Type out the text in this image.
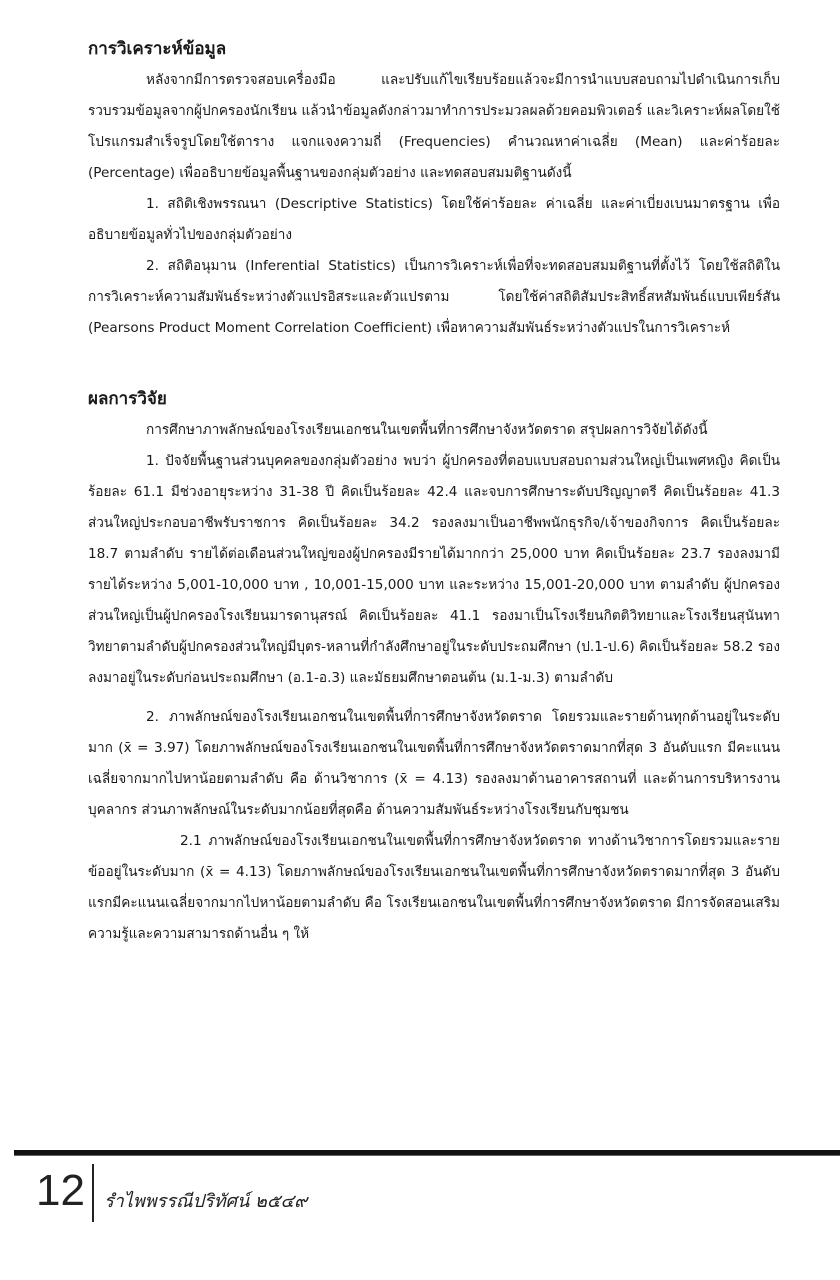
การวิเคราะห์ข้อมูล

หลังจากมีการตรวจสอบเครื่องมือ และปรับแก้ไขเรียบร้อยแล้วจะมีการนำแบบสอบถามไปดำเนินการเก็บรวบรวมข้อมูลจากผู้ปกครองนักเรียน แล้วนำข้อมูลดังกล่าวมาทำการประมวลผลด้วยคอมพิวเตอร์ และวิเคราะห์ผลโดยใช้โปรแกรมสำเร็จรูปโดยใช้ตาราง แจกแจงความถี่ (Frequencies) คำนวณหาค่าเฉลี่ย (Mean) และค่าร้อยละ (Percentage) เพื่ออธิบายข้อมูลพื้นฐานของกลุ่มตัวอย่าง และทดสอบสมมติฐานดังนี้

1. สถิติเชิงพรรณนา (Descriptive Statistics) โดยใช้ค่าร้อยละ ค่าเฉลี่ย และค่าเบี่ยงเบนมาตรฐาน เพื่ออธิบายข้อมูลทั่วไปของกลุ่มตัวอย่าง

2. สถิติอนุมาน (Inferential Statistics) เป็นการวิเคราะห์เพื่อที่จะทดสอบสมมติฐานที่ตั้งไว้ โดยใช้สถิติในการวิเคราะห์ความสัมพันธ์ระหว่างตัวแปรอิสระและตัวแปรตาม โดยใช้ค่าสถิติสัมประสิทธิ์สหสัมพันธ์แบบเพียร์สัน (Pearsons Product Moment Correlation Coefficient) เพื่อหาความสัมพันธ์ระหว่างตัวแปรในการวิเคราะห์

ผลการวิจัย

การศึกษาภาพลักษณ์ของโรงเรียนเอกชนในเขตพื้นที่การศึกษาจังหวัดตราด สรุปผลการวิจัยได้ดังนี้

1. ปัจจัยพื้นฐานส่วนบุคคลของกลุ่มตัวอย่าง พบว่า ผู้ปกครองที่ตอบแบบสอบถามส่วนใหญ่เป็นเพศหญิง คิดเป็นร้อยละ 61.1 มีช่วงอายุระหว่าง 31-38 ปี คิดเป็นร้อยละ 42.4 และจบการศึกษาระดับปริญญาตรี คิดเป็นร้อยละ 41.3 ส่วนใหญ่ประกอบอาชีพรับราชการ คิดเป็นร้อยละ 34.2 รองลงมาเป็นอาชีพพนักธุรกิจ/เจ้าของกิจการ คิดเป็นร้อยละ 18.7 ตามลำดับ รายได้ต่อเดือนส่วนใหญ่ของผู้ปกครองมีรายได้มากกว่า 25,000 บาท คิดเป็นร้อยละ 23.7 รองลงมามีรายได้ระหว่าง 5,001-10,000 บาท , 10,001-15,000 บาท และระหว่าง 15,001-20,000 บาท ตามลำดับ ผู้ปกครองส่วนใหญ่เป็นผู้ปกครองโรงเรียนมารดานุสรณ์ คิดเป็นร้อยละ 41.1 รองมาเป็นโรงเรียนกิตติวิทยาและโรงเรียนสุนันทาวิทยาตามลำดับผู้ปกครองส่วนใหญ่มีบุตร-หลานที่กำลังศึกษาอยู่ในระดับประถมศึกษา (ป.1-ป.6) คิดเป็นร้อยละ 58.2 รองลงมาอยู่ในระดับก่อนประถมศึกษา (อ.1-อ.3) และมัธยมศึกษาตอนต้น (ม.1-ม.3) ตามลำดับ

2. ภาพลักษณ์ของโรงเรียนเอกชนในเขตพื้นที่การศึกษาจังหวัดตราด โดยรวมและรายด้านทุกด้านอยู่ในระดับมาก (x̄ = 3.97) โดยภาพลักษณ์ของโรงเรียนเอกชนในเขตพื้นที่การศึกษาจังหวัดตราดมากที่สุด 3 อันดับแรก มีคะแนนเฉลี่ยจากมากไปหาน้อยตามลำดับ คือ ด้านวิชาการ (x̄ = 4.13) รองลงมาด้านอาคารสถานที่ และด้านการบริหารงานบุคลากร ส่วนภาพลักษณ์ในระดับมากน้อยที่สุดคือ ด้านความสัมพันธ์ระหว่างโรงเรียนกับชุมชน

2.1 ภาพลักษณ์ของโรงเรียนเอกชนในเขตพื้นที่การศึกษาจังหวัดตราด ทางด้านวิชาการโดยรวมและรายข้ออยู่ในระดับมาก (x̄ = 4.13) โดยภาพลักษณ์ของโรงเรียนเอกชนในเขตพื้นที่การศึกษาจังหวัดตราดมากที่สุด 3 อันดับแรกมีคะแนนเฉลี่ยจากมากไปหาน้อยตามลำดับ คือ โรงเรียนเอกชนในเขตพื้นที่การศึกษาจังหวัดตราด มีการจัดสอนเสริมความรู้และความสามารถด้านอื่น ๆ ให้

12 รำไพพรรณีปริทัศน์ ๒๕๔๙
